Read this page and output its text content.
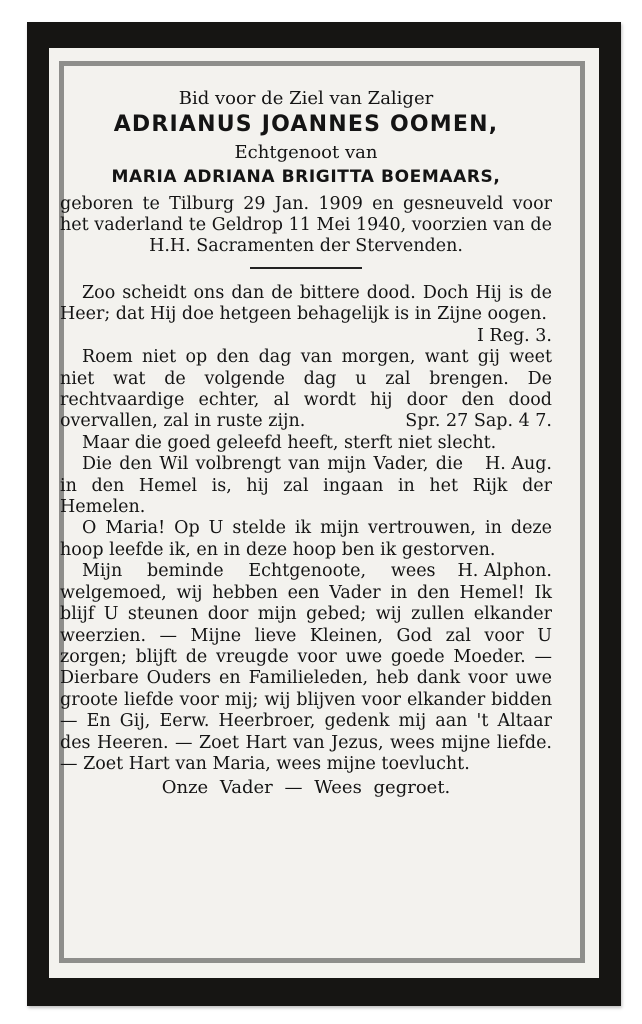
Bid voor de Ziel van Zaliger
ADRIANUS JOANNES OOMEN,
Echtgenoot van
MARIA ADRIANA BRIGITTA BOEMAARS,

geboren te Tilburg 29 Jan. 1909 en gesneuveld voor het vaderland te Geldrop 11 Mei 1940, voorzien van de H.H. Sacramenten der Stervenden.

Zoo scheidt ons dan de bittere dood. Doch Hij is de Heer; dat Hij doe hetgeen behagelijk is in Zijne oogen.

I Reg. 3.

Roem niet op den dag van morgen, want gij weet niet wat de volgende dag u zal brengen. De rechtvaardige echter, al wordt hij door den dood overvallen, zal in ruste zijn.	Spr. 27 Sap. 4 7.

Maar die goed geleefd heeft, sterft niet slecht.
H. Aug.

Die den Wil volbrengt van mijn Vader, die in den Hemel is, hij zal ingaan in het Rijk der Hemelen.

O Maria! Op U stelde ik mijn vertrouwen, in deze hoop leefde ik, en in deze hoop ben ik gestorven.
H. Alphon.

Mijn beminde Echtgenoote, wees welgemoed, wij hebben een Vader in den Hemel! Ik blijf U steunen door mijn gebed; wij zullen elkander weerzien. — Mijne lieve Kleinen, God zal voor U zorgen; blijft de vreugde voor uwe goede Moeder. — Dierbare Ouders en Familieleden, heb dank voor uwe groote liefde voor mij; wij blijven voor elkander bidden — En Gij, Eerw. Heerbroer, gedenk mij aan 't Altaar des Heeren. — Zoet Hart van Jezus, wees mijne liefde. — Zoet Hart van Maria, wees mijne toevlucht.

Onze Vader — Wees gegroet.
